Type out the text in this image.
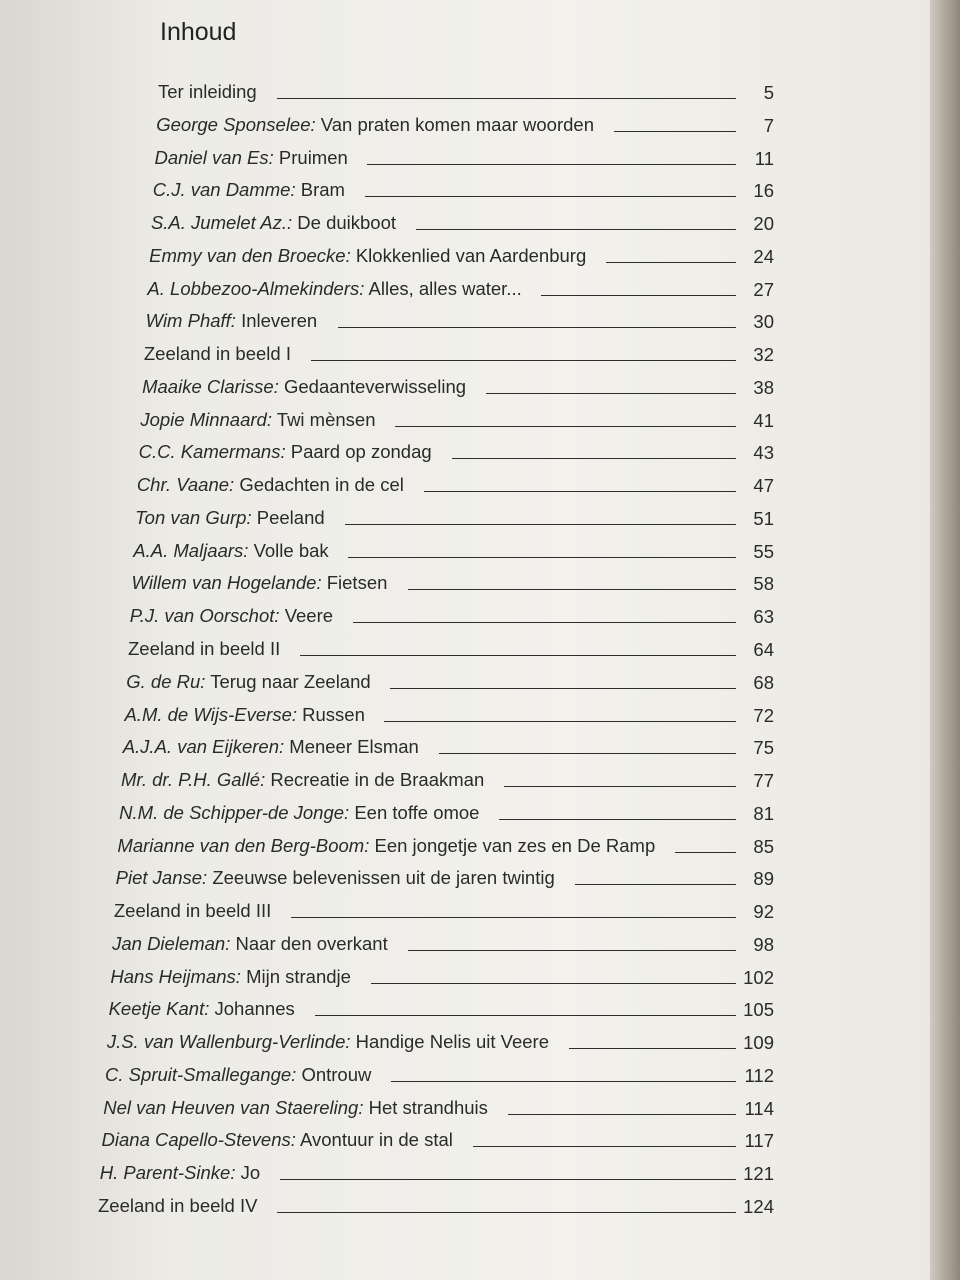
Inhoud
Ter inleiding	5
George Sponselee: Van praten komen maar woorden	7
Daniel van Es: Pruimen	11
C.J. van Damme: Bram	16
S.A. Jumelet Az.: De duikboot	20
Emmy van den Broecke: Klokkenlied van Aardenburg	24
A. Lobbezoo-Almekinders: Alles, alles water...	27
Wim Phaff: Inleveren	30
Zeeland in beeld I	32
Maaike Clarisse: Gedaanteverwisseling	38
Jopie Minnaard: Twi mènsen	41
C.C. Kamermans: Paard op zondag	43
Chr. Vaane: Gedachten in de cel	47
Ton van Gurp: Peeland	51
A.A. Maljaars: Volle bak	55
Willem van Hogelande: Fietsen	58
P.J. van Oorschot: Veere	63
Zeeland in beeld II	64
G. de Ru: Terug naar Zeeland	68
A.M. de Wijs-Everse: Russen	72
A.J.A. van Eijkeren: Meneer Elsman	75
Mr. dr. P.H. Gallé: Recreatie in de Braakman	77
N.M. de Schipper-de Jonge: Een toffe omoe	81
Marianne van den Berg-Boom: Een jongetje van zes en De Ramp	85
Piet Janse: Zeeuwse belevenissen uit de jaren twintig	89
Zeeland in beeld III	92
Jan Dieleman: Naar den overkant	98
Hans Heijmans: Mijn strandje	102
Keetje Kant: Johannes	105
J.S. van Wallenburg-Verlinde: Handige Nelis uit Veere	109
C. Spruit-Smallegange: Ontrouw	112
Nel van Heuven van Staereling: Het strandhuis	114
Diana Capello-Stevens: Avontuur in de stal	117
H. Parent-Sinke: Jo	121
Zeeland in beeld IV	124
